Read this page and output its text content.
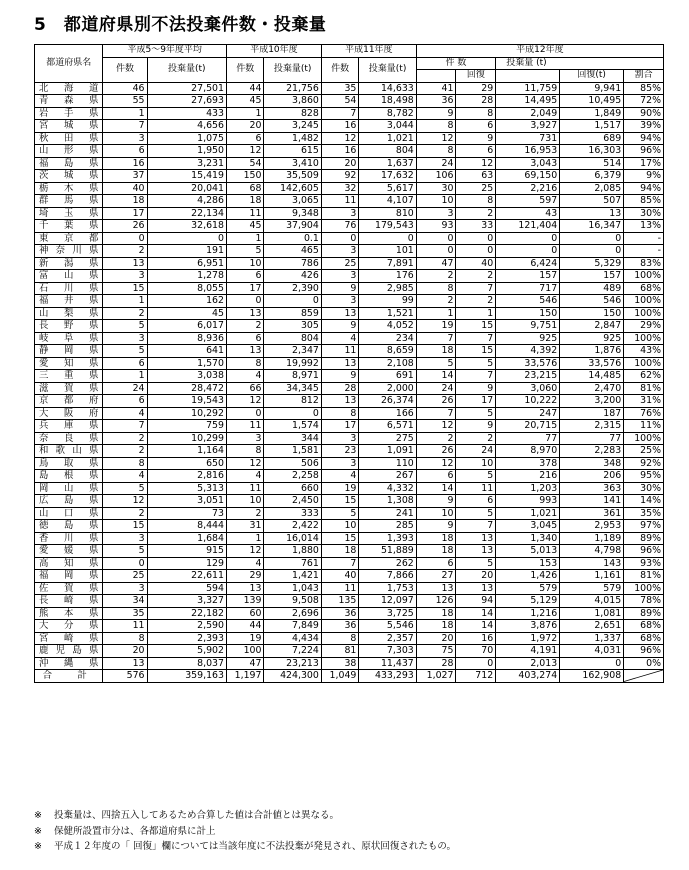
5　都道府県別不法投棄件数・投棄量
都道府県名	平成5～9年度平均		平成10年度		平成11年度		平成12年度				
	件数	投棄量(t)	件数	投棄量(t)	件数	投棄量(t)	件 数		投棄量 (t)		
								回復		回復(t)	割合
北海道	46	27,501	44	21,756	35	14,633	41	29	11,759	9,941	85%
青森県	55	27,693	45	3,860	54	18,498	36	28	14,495	10,495	72%
岩手県	1	433	1	828	7	8,782	9	8	2,049	1,849	90%
宮城県	7	4,656	20	3,245	16	3,044	8	6	3,927	1,517	39%
秋田県	3	1,075	6	1,482	12	1,021	12	9	731	689	94%
山形県	6	1,950	12	615	16	804	8	6	16,953	16,303	96%
福島県	16	3,231	54	3,410	20	1,637	24	12	3,043	514	17%
茨城県	37	15,419	150	35,509	92	17,632	106	63	69,150	6,379	9%
栃木県	40	20,041	68	142,605	32	5,617	30	25	2,216	2,085	94%
群馬県	18	4,286	18	3,065	11	4,107	10	8	597	507	85%
埼玉県	17	22,134	11	9,348	3	810	3	2	43	13	30%
千葉県	26	32,618	45	37,904	76	179,543	93	33	121,404	16,347	13%
東京都	0	0	1	0.1	0	0	0	0	0	0	-
神奈川県	2	191	5	465	3	101	0	0	0	0	-
新潟県	13	6,951	10	786	25	7,891	47	40	6,424	5,329	83%
富山県	3	1,278	6	426	3	176	2	2	157	157	100%
石川県	15	8,055	17	2,390	9	2,985	8	7	717	489	68%
福井県	1	162	0	0	3	99	2	2	546	546	100%
山梨県	2	45	13	859	13	1,521	1	1	150	150	100%
長野県	5	6,017	2	305	9	4,052	19	15	9,751	2,847	29%
岐阜県	3	8,936	6	804	4	234	7	7	925	925	100%
静岡県	5	641	13	2,347	11	8,659	18	15	4,392	1,876	43%
愛知県	6	1,570	8	19,992	13	2,108	5	5	33,576	33,576	100%
三重県	1	3,038	4	8,971	9	691	14	7	23,215	14,485	62%
滋賀県	24	28,472	66	34,345	28	2,000	24	9	3,060	2,470	81%
京都府	6	19,543	12	812	13	26,374	26	17	10,222	3,200	31%
大阪府	4	10,292	0	0	8	166	7	5	247	187	76%
兵庫県	7	759	11	1,574	17	6,571	12	9	20,715	2,315	11%
奈良県	2	10,299	3	344	3	275	2	2	77	77	100%
和歌山県	2	1,164	8	1,581	23	1,091	26	24	8,970	2,283	25%
鳥取県	8	650	12	506	3	110	12	10	378	348	92%
島根県	4	2,816	4	2,258	4	267	6	5	216	206	95%
岡山県	5	5,313	11	660	19	4,332	14	11	1,203	363	30%
広島県	12	3,051	10	2,450	15	1,308	9	6	993	141	14%
山口県	2	73	2	333	5	241	10	5	1,021	361	35%
徳島県	15	8,444	31	2,422	10	285	9	7	3,045	2,953	97%
香川県	3	1,684	1	16,014	15	1,393	18	13	1,340	1,189	89%
愛媛県	5	915	12	1,880	18	51,889	18	13	5,013	4,798	96%
高知県	0	129	4	761	7	262	6	5	153	143	93%
福岡県	25	22,611	29	1,421	40	7,866	27	20	1,426	1,161	81%
佐賀県	3	594	13	1,043	11	1,753	13	13	579	579	100%
長崎県	34	3,327	139	9,508	135	12,097	126	94	5,129	4,015	78%
熊本県	35	22,182	60	2,696	36	3,725	18	14	1,216	1,081	89%
大分県	11	2,590	44	7,849	36	5,546	18	14	3,876	2,651	68%
宮崎県	8	2,393	19	4,434	8	2,357	20	16	1,972	1,337	68%
鹿児島県	20	5,902	100	7,224	81	7,303	75	70	4,191	4,031	96%
沖縄県	13	8,037	47	23,213	38	11,437	28	0	2,013	0	0%
合　計	576	359,163	1,197	424,300	1,049	433,293	1,027	712	403,274	162,908	
※ 投棄量は、四捨五入してあるため合算した値は合計値とは異なる。
※ 保健所設置市分は、各都道府県に計上
※ 平成１２年度の「 回復」欄については当該年度に不法投棄が発見され、原状回復されたもの。
